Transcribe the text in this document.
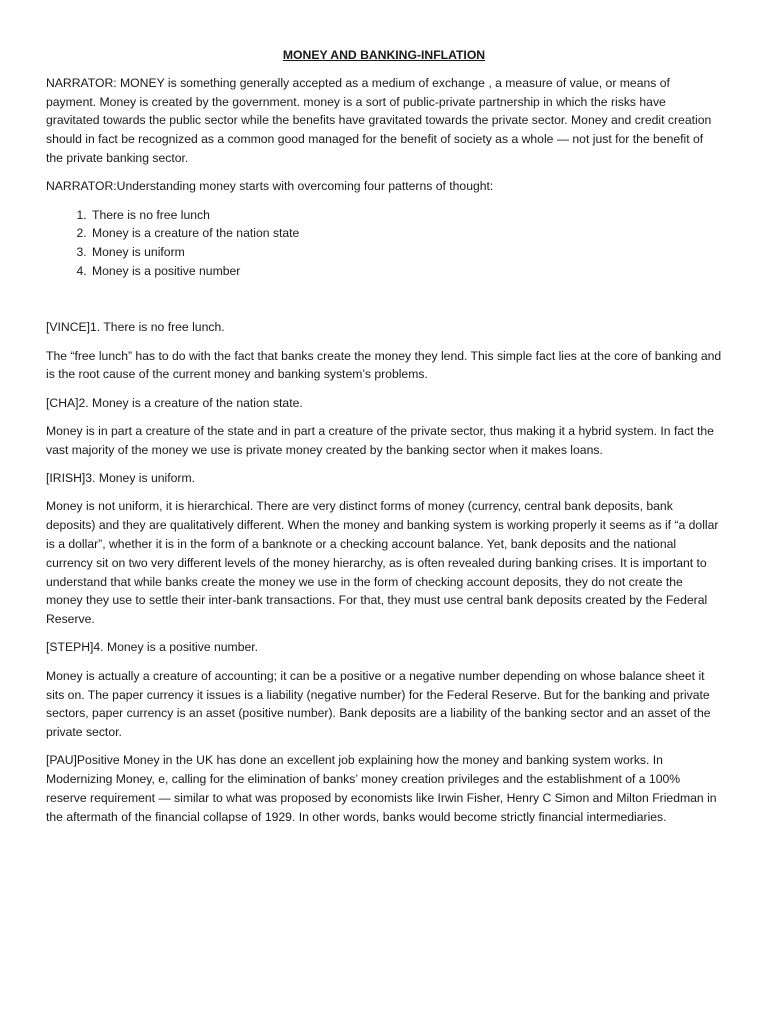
MONEY AND BANKING-INFLATION

NARRATOR: MONEY is something generally accepted as a medium of exchange , a measure of value, or means of payment. Money is created by the government. money is a sort of public-private partnership in which the risks have gravitated towards the public sector while the benefits have gravitated towards the private sector. Money and credit creation should in fact be recognized as a common good managed for the benefit of society as a whole — not just for the benefit of the private banking sector.

NARRATOR:Understanding money starts with overcoming four patterns of thought:

1. There is no free lunch
2. Money is a creature of the nation state
3. Money is uniform
4. Money is a positive number

[VINCE]1. There is no free lunch.

The “free lunch” has to do with the fact that banks create the money they lend. This simple fact lies at the core of banking and is the root cause of the current money and banking system’s problems.

[CHA]2. Money is a creature of the nation state.

Money is in part a creature of the state and in part a creature of the private sector, thus making it a hybrid system. In fact the vast majority of the money we use is private money created by the banking sector when it makes loans.

[IRISH]3. Money is uniform.

Money is not uniform, it is hierarchical. There are very distinct forms of money (currency, central bank deposits, bank deposits) and they are qualitatively different. When the money and banking system is working properly it seems as if “a dollar is a dollar”, whether it is in the form of a banknote or a checking account balance. Yet, bank deposits and the national currency sit on two very different levels of the money hierarchy, as is often revealed during banking crises. It is important to understand that while banks create the money we use in the form of checking account deposits, they do not create the money they use to settle their inter-bank transactions. For that, they must use central bank deposits created by the Federal Reserve.

[STEPH]4. Money is a positive number.

Money is actually a creature of accounting; it can be a positive or a negative number depending on whose balance sheet it sits on. The paper currency it issues is a liability (negative number) for the Federal Reserve. But for the banking and private sectors, paper currency is an asset (positive number). Bank deposits are a liability of the banking sector and an asset of the private sector.

[PAU]Positive Money in the UK has done an excellent job explaining how the money and banking system works. In Modernizing Money, e, calling for the elimination of banks’ money creation privileges and the establishment of a 100% reserve requirement — similar to what was proposed by economists like Irwin Fisher, Henry C Simon and Milton Friedman in the aftermath of the financial collapse of 1929. In other words, banks would become strictly financial intermediaries.
